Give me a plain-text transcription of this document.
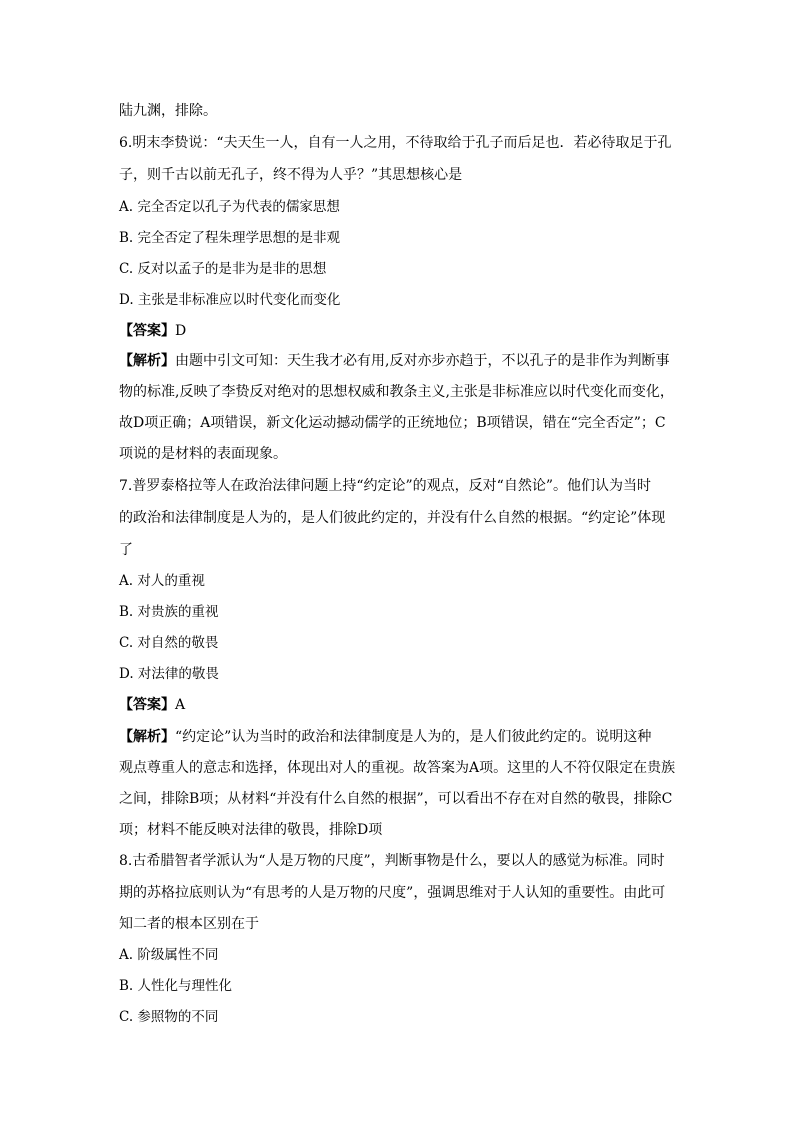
陆九渊，排除。
6.明末李贽说：“夫天生一人，自有一人之用，不待取给于孔子而后足也．若必待取足于孔
子，则千古以前无孔子，终不得为人乎？”其思想核心是
A. 完全否定以孔子为代表的儒家思想
B. 完全否定了程朱理学思想的是非观
C. 反对以孟子的是非为是非的思想
D. 主张是非标准应以时代变化而变化
【答案】D
【解析】由题中引文可知：天生我才必有用,反对亦步亦趋于，不以孔子的是非作为判断事
物的标准,反映了李贽反对绝对的思想权威和教条主义,主张是非标准应以时代变化而变化，
故D项正确；A项错误，新文化运动撼动儒学的正统地位；B项错误，错在“完全否定”；C
项说的是材料的表面现象。
7.普罗泰格拉等人在政治法律问题上持“约定论”的观点，反对“自然论”。他们认为当时
的政治和法律制度是人为的，是人们彼此约定的，并没有什么自然的根据。“约定论”体现
了
A. 对人的重视
B. 对贵族的重视
C. 对自然的敬畏
D. 对法律的敬畏
【答案】A
【解析】“约定论”认为当时的政治和法律制度是人为的，是人们彼此约定的。说明这种
观点尊重人的意志和选择，体现出对人的重视。故答案为A项。这里的人不符仅限定在贵族
之间，排除B项；从材料“并没有什么自然的根据”，可以看出不存在对自然的敬畏，排除C
项；材料不能反映对法律的敬畏，排除D项
8.古希腊智者学派认为“人是万物的尺度”，判断事物是什么，要以人的感觉为标准。同时
期的苏格拉底则认为“有思考的人是万物的尺度”，强调思维对于人认知的重要性。由此可
知二者的根本区别在于
A. 阶级属性不同
B. 人性化与理性化
C. 参照物的不同
